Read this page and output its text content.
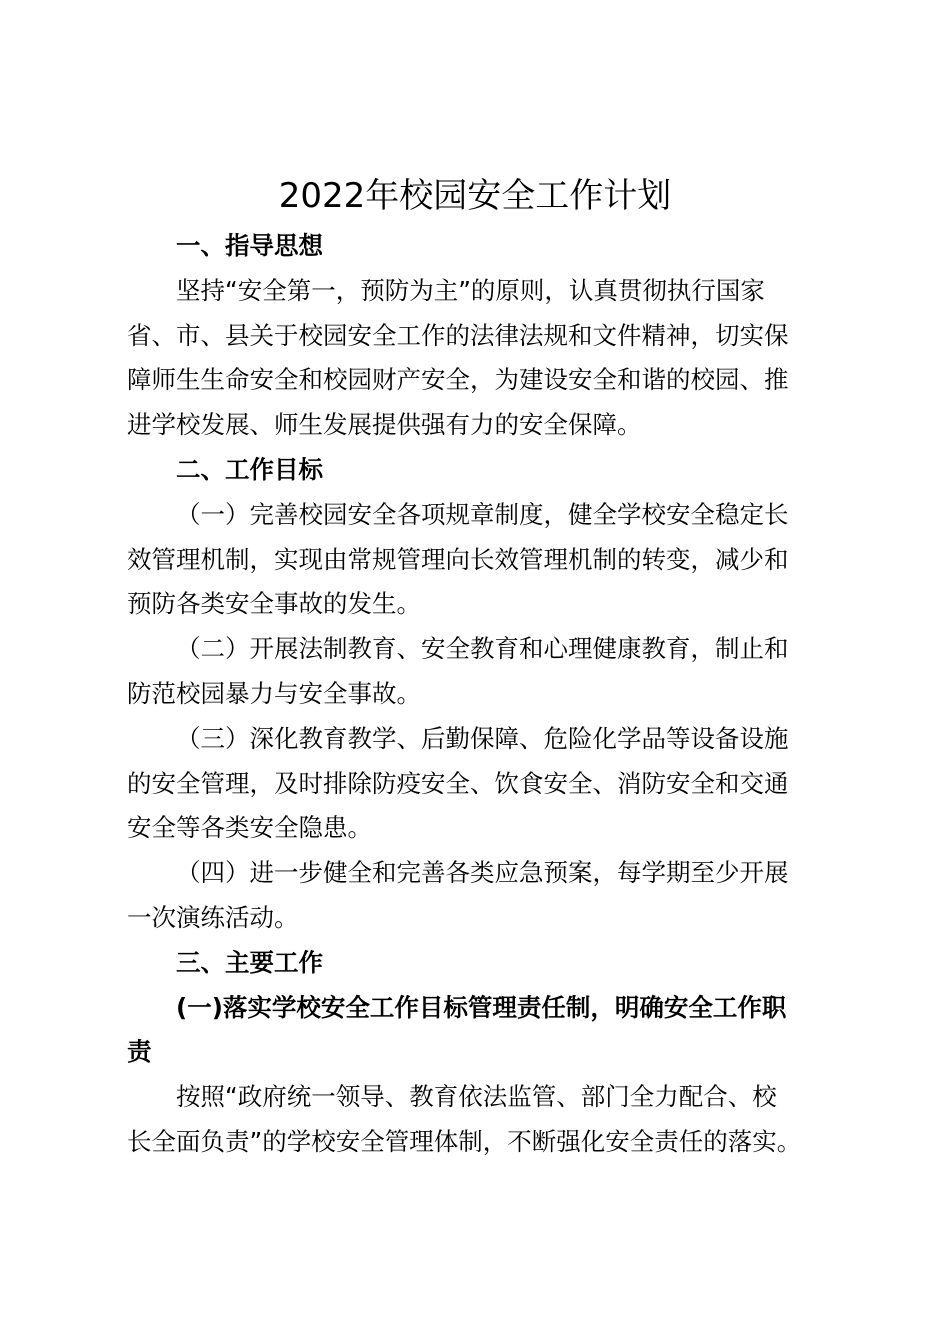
2022年校园安全工作计划
一、指导思想
坚持“安全第一，预防为主”的原则，认真贯彻执行国家
省、市、县关于校园安全工作的法律法规和文件精神，切实保
障师生生命安全和校园财产安全，为建设安全和谐的校园、推
进学校发展、师生发展提供强有力的安全保障。
二、工作目标
（一）完善校园安全各项规章制度，健全学校安全稳定长
效管理机制，实现由常规管理向长效管理机制的转变，减少和
预防各类安全事故的发生。
（二）开展法制教育、安全教育和心理健康教育，制止和
防范校园暴力与安全事故。
（三）深化教育教学、后勤保障、危险化学品等设备设施
的安全管理，及时排除防疫安全、饮食安全、消防安全和交通
安全等各类安全隐患。
（四）进一步健全和完善各类应急预案，每学期至少开展
一次演练活动。
三、主要工作
(一)落实学校安全工作目标管理责任制，明确安全工作职
责
按照“政府统一领导、教育依法监管、部门全力配合、校
长全面负责”的学校安全管理体制，不断强化安全责任的落实。
